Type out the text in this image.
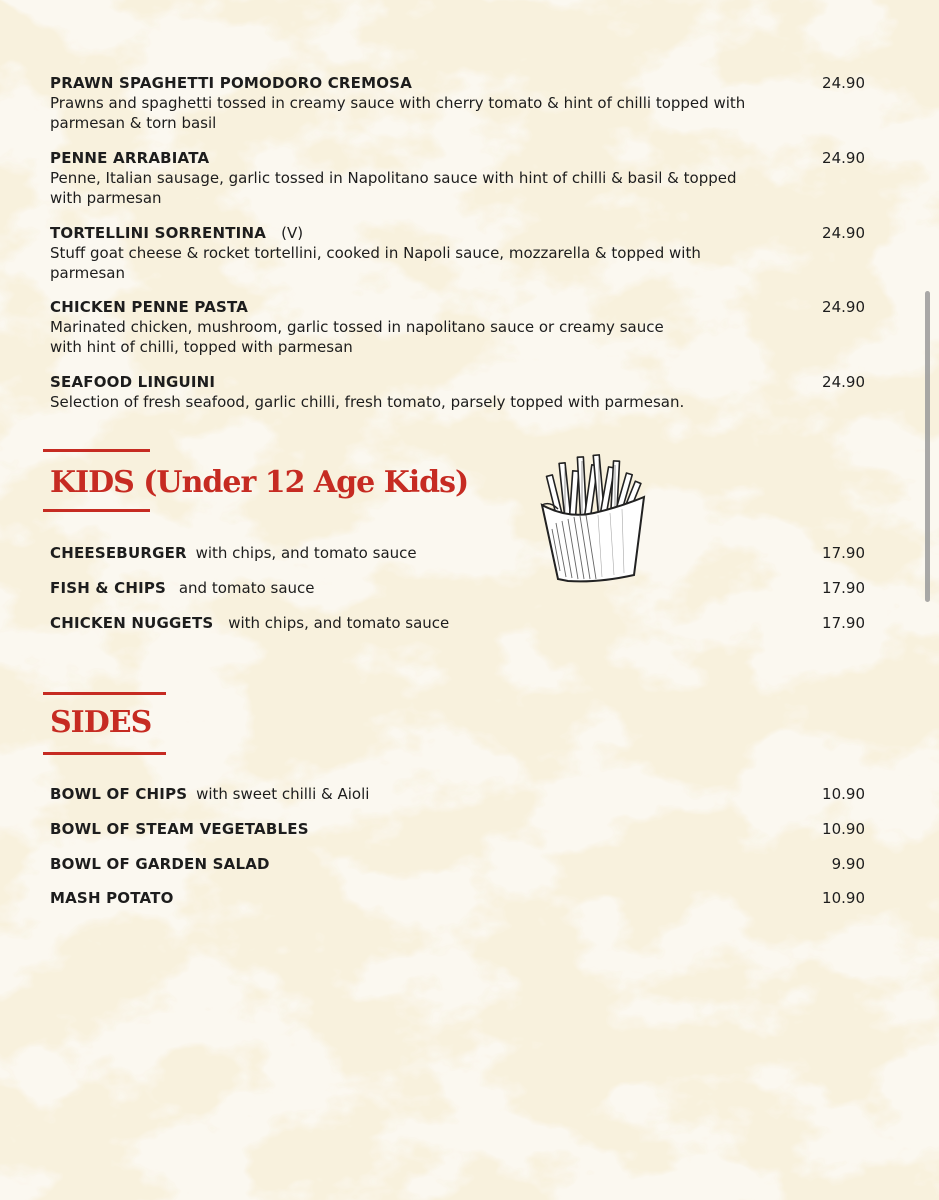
PRAWN SPAGHETTI POMODORO CREMOSA
Prawns and spaghetti tossed in creamy sauce with cherry tomato & hint of chilli topped with parmesan & torn basil
24.90
PENNE ARRABIATA
Penne, Italian sausage, garlic tossed in Napolitano sauce with hint of chilli & basil & topped with parmesan
24.90
TORTELLINI SORRENTINA (V)
Stuff goat cheese & rocket tortellini, cooked in Napoli sauce, mozzarella & topped with parmesan
24.90
CHICKEN PENNE PASTA
Marinated chicken, mushroom, garlic tossed in napolitano sauce or creamy sauce with hint of chilli, topped with parmesan
24.90
SEAFOOD LINGUINI
Selection of fresh seafood, garlic chilli, fresh tomato, parsely topped with parmesan.
24.90
KIDS (Under 12 Age Kids)
CHEESEBURGER with chips, and tomato sauce	17.90
FISH & CHIPS and tomato sauce	17.90
CHICKEN NUGGETS with chips, and tomato sauce	17.90
SIDES
BOWL OF CHIPS with sweet chilli & Aioli	10.90
BOWL OF STEAM VEGETABLES	10.90
BOWL OF GARDEN SALAD	9.90
MASH POTATO	10.90
